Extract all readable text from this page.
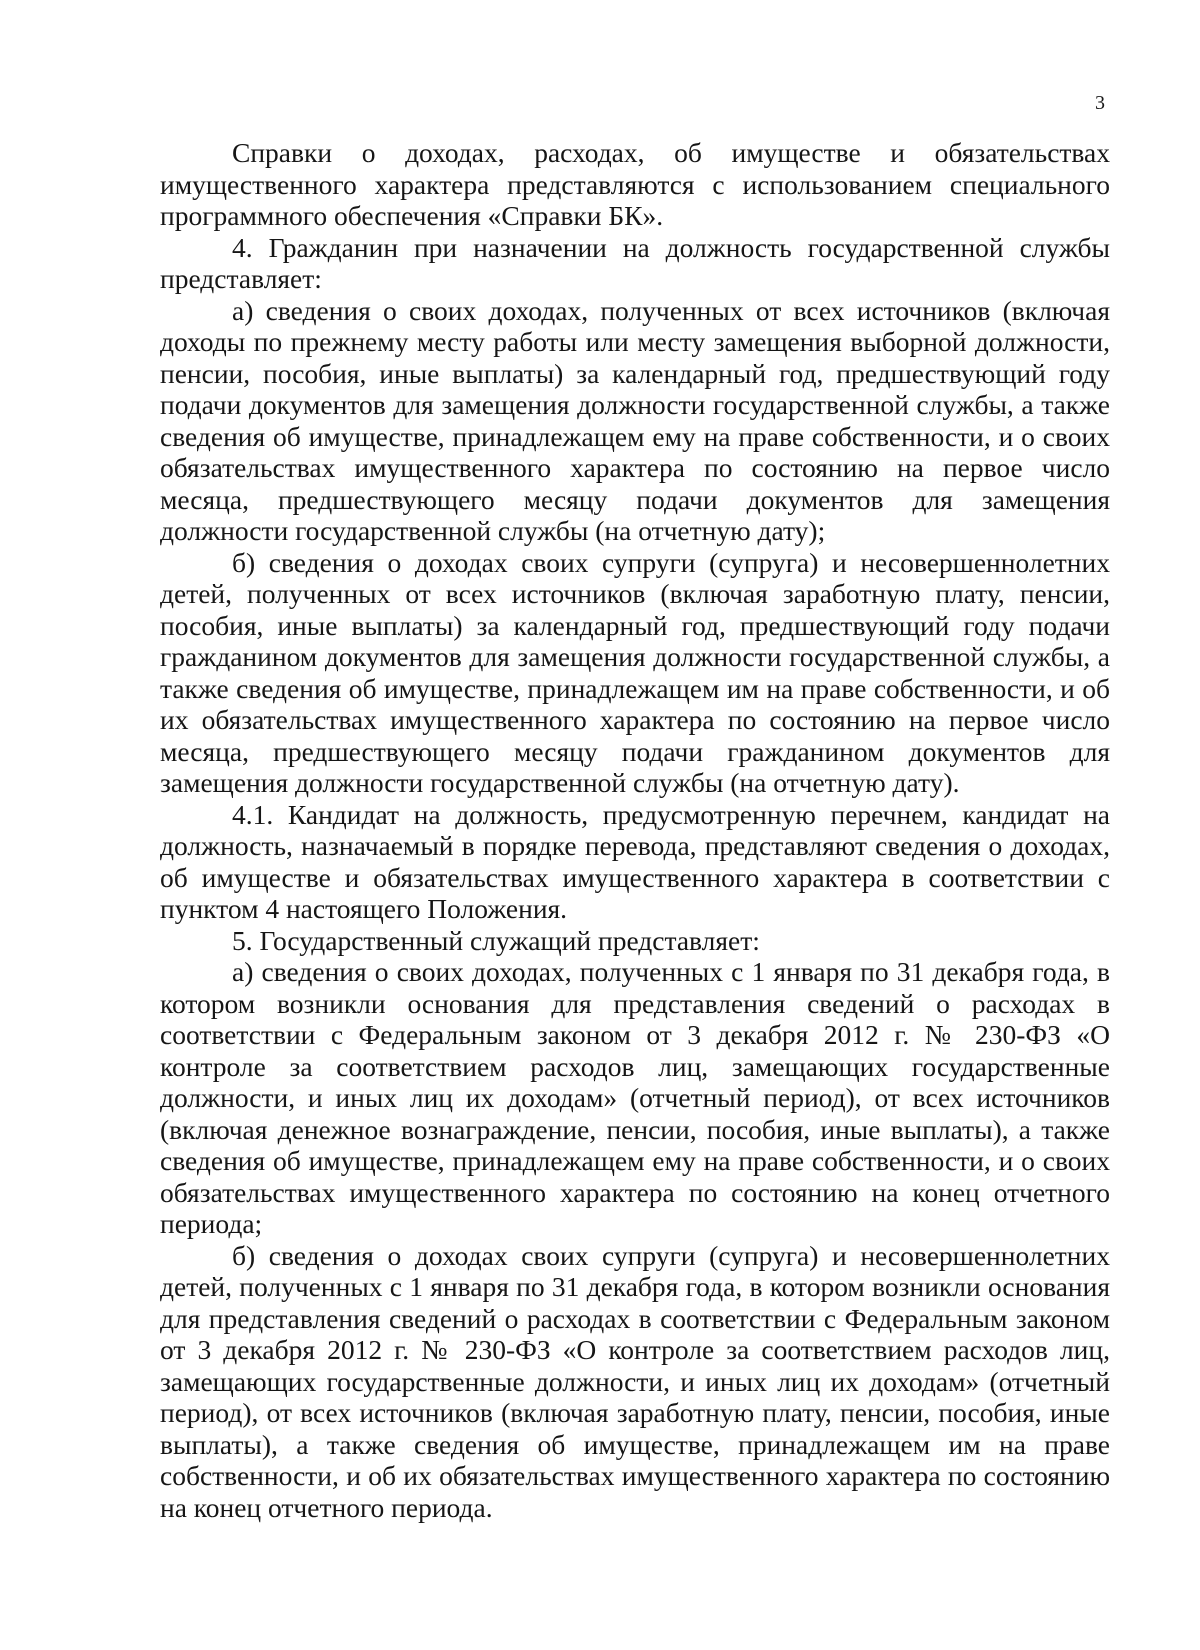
3

Справки о доходах, расходах, об имуществе и обязательствах имущественного характера представляются с использованием специального программного обеспечения «Справки БК».

4. Гражданин при назначении на должность государственной службы представляет:

а) сведения о своих доходах, полученных от всех источников (включая доходы по прежнему месту работы или месту замещения выборной должности, пенсии, пособия, иные выплаты) за календарный год, предшествующий году подачи документов для замещения должности государственной службы, а также сведения об имуществе, принадлежащем ему на праве собственности, и о своих обязательствах имущественного характера по состоянию на первое число месяца, предшествующего месяцу подачи документов для замещения должности государственной службы (на отчетную дату);

б) сведения о доходах своих супруги (супруга) и несовершеннолетних детей, полученных от всех источников (включая заработную плату, пенсии, пособия, иные выплаты) за календарный год, предшествующий году подачи гражданином документов для замещения должности государственной службы, а также сведения об имуществе, принадлежащем им на праве собственности, и об их обязательствах имущественного характера по состоянию на первое число месяца, предшествующего месяцу подачи гражданином документов для замещения должности государственной службы (на отчетную дату).

4.1. Кандидат на должность, предусмотренную перечнем, кандидат на должность, назначаемый в порядке перевода, представляют сведения о доходах, об имуществе и обязательствах имущественного характера в соответствии с пунктом 4 настоящего Положения.

5. Государственный служащий представляет:

а) сведения о своих доходах, полученных с 1 января по 31 декабря года, в котором возникли основания для представления сведений о расходах в соответствии с Федеральным законом от 3 декабря 2012 г. № 230-ФЗ «О контроле за соответствием расходов лиц, замещающих государственные должности, и иных лиц их доходам» (отчетный период), от всех источников (включая денежное вознаграждение, пенсии, пособия, иные выплаты), а также сведения об имуществе, принадлежащем ему на праве собственности, и о своих обязательствах имущественного характера по состоянию на конец отчетного периода;

б) сведения о доходах своих супруги (супруга) и несовершеннолетних детей, полученных с 1 января по 31 декабря года, в котором возникли основания для представления сведений о расходах в соответствии с Федеральным законом от 3 декабря 2012 г. № 230-ФЗ «О контроле за соответствием расходов лиц, замещающих государственные должности, и иных лиц их доходам» (отчетный период), от всех источников (включая заработную плату, пенсии, пособия, иные выплаты), а также сведения об имуществе, принадлежащем им на праве собственности, и об их обязательствах имущественного характера по состоянию на конец отчетного периода.
